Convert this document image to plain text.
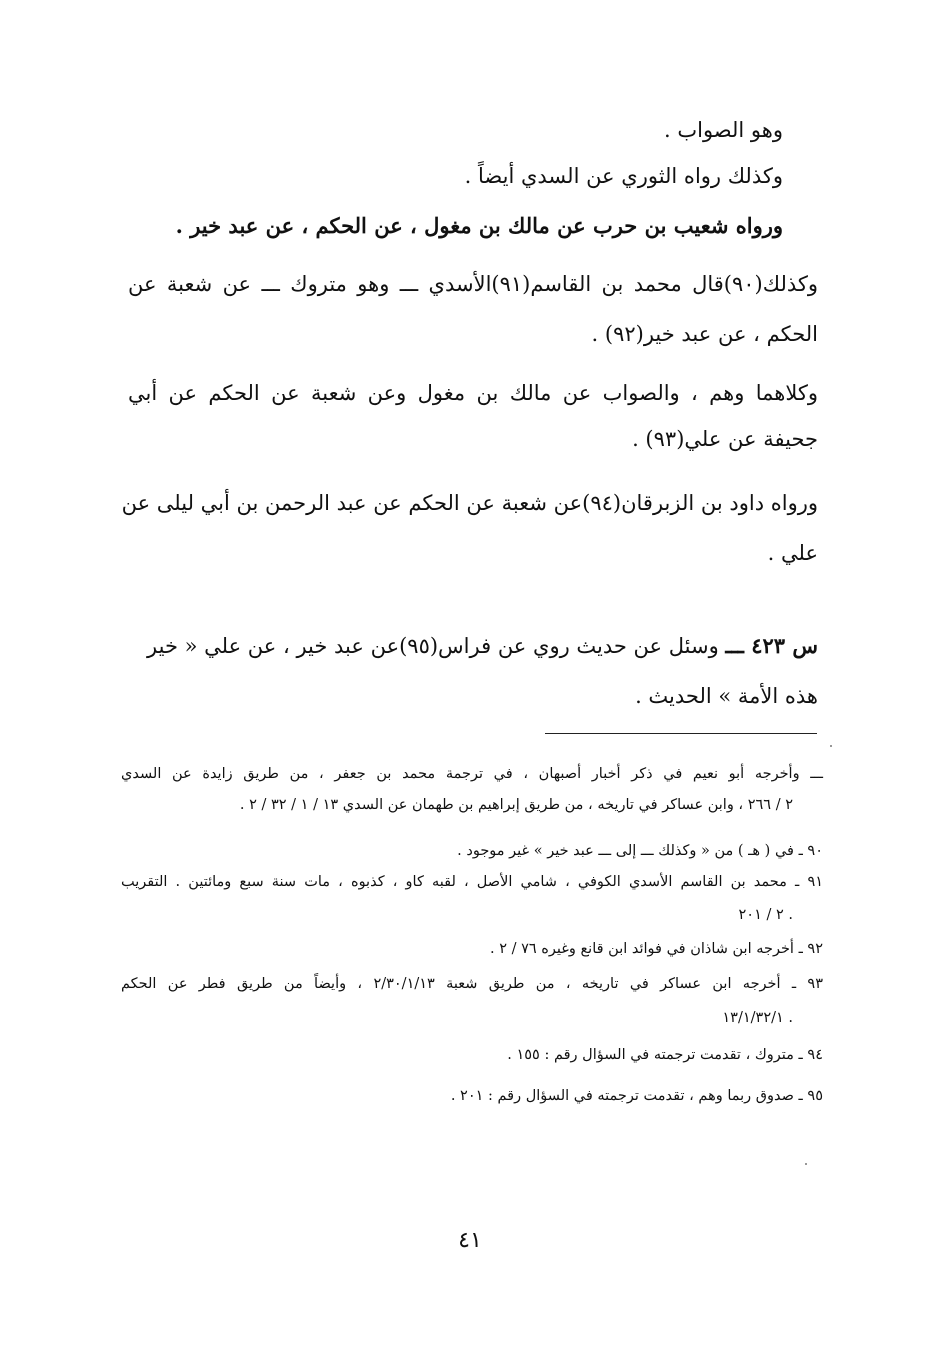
وهو الصواب .

وكذلك رواه الثوري عن السدي أيضاً .

ورواه شعيب بن حرب عن مالك بن مغول ، عن الحكم ، عن عبد خير .

وكذلك(٩٠)قال محمد بن القاسم(٩١)الأسدي ـــ وهو متروك ـــ عن شعبة عن

الحكم ، عن عبد خير(٩٢) .

وكلاهما وهم ، والصواب عن مالك بن مغول وعن شعبة عن الحكم عن أبي

جحيفة عن علي(٩٣) .

ورواه داود بن الزبرقان(٩٤)عن شعبة عن الحكم عن عبد الرحمن بن أبي ليلى عن

علي .

س ٤٢٣ ـــ وسئل عن حديث روي عن فراس(٩٥)عن عبد خير ، عن علي « خير

هذه الأمة » الحديث .

ـــ وأخرجه أبو نعيم في ذكر أخبار أصبهان ، في ترجمة محمد بن جعفر ، من طريق زايدة عن السدي

٢ / ٢٦٦ ، وابن عساكر في تاريخه ، من طريق إبراهيم بن طهمان عن السدي ١٣ / ١ / ٣٢ / ٢ .

٩٠ ـ في ( هـ ) من « وكذلك ـــ إلى ـــ عبد خير » غير موجود .

٩١ ـ محمد بن القاسم الأسدي الكوفي ، شامي الأصل ، لقبه كاو ، كذبوه ، مات سنة سبع ومائتين . التقريب

٢ / ٢٠١ .

٩٢ ـ أخرجه ابن شاذان في فوائد ابن قانع وغيره ٧٦ / ٢ .

٩٣ ـ أخرجه ابن عساكر في تاريخه ، من طريق شعبة ٢/٣٠/١/١٣ ، وأيضاً من طريق فطر عن الحكم

١٣/١/٣٢/١ .

٩٤ ـ متروك ، تقدمت ترجمته في السؤال رقم : ١٥٥ .

٩٥ ـ صدوق ربما وهم ، تقدمت ترجمته في السؤال رقم : ٢٠١ .

٤١
